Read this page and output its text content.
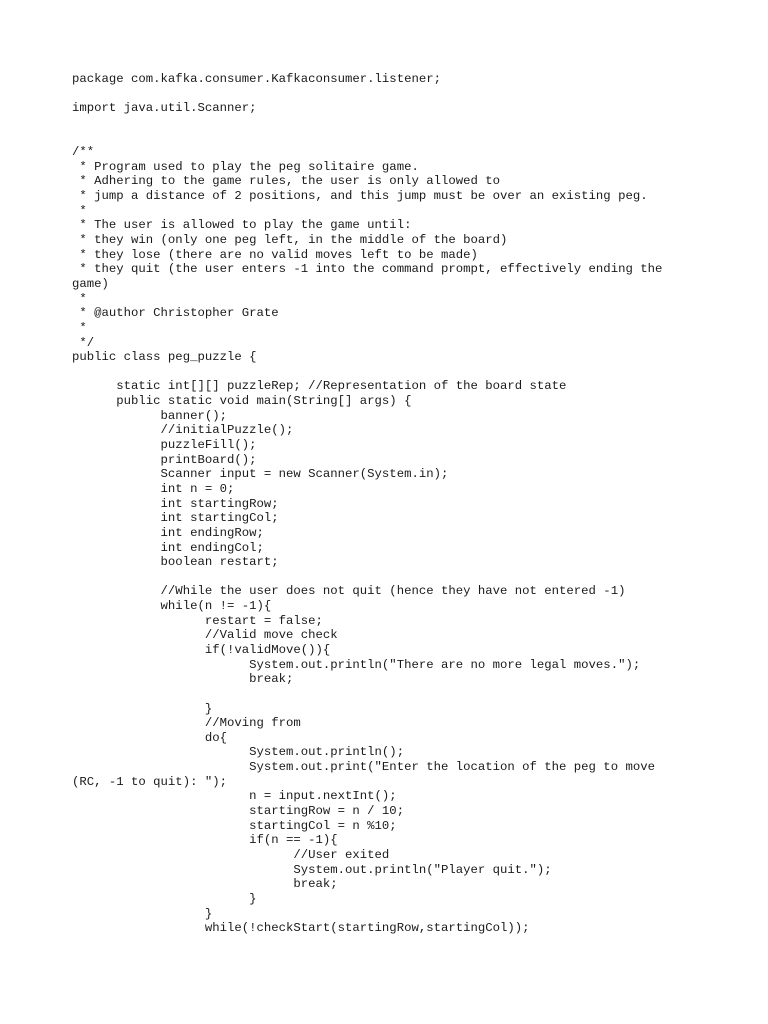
package com.kafka.consumer.Kafkaconsumer.listener;
import java.util.Scanner;
/**
* Program used to play the peg solitaire game.
* Adhering to the game rules, the user is only allowed to
* jump a distance of 2 positions, and this jump must be over an existing peg.
*
* The user is allowed to play the game until:
* they win (only one peg left, in the middle of the board)
* they lose (there are no valid moves left to be made)
* they quit (the user enters -1 into the command prompt, effectively ending the
game)
*
* @author Christopher Grate
*
*/
public class peg_puzzle {
static int[][] puzzleRep; //Representation of the board state
public static void main(String[] args) {
banner();
//initialPuzzle();
puzzleFill();
printBoard();
Scanner input = new Scanner(System.in);
int n = 0;
int startingRow;
int startingCol;
int endingRow;
int endingCol;
boolean restart;
//While the user does not quit (hence they have not entered -1)
while(n != -1){
restart = false;
//Valid move check
if(!validMove()){
System.out.println("There are no more legal moves.");
break;
}
//Moving from
do{
System.out.println();
System.out.print("Enter the location of the peg to move
(RC, -1 to quit): ");
n = input.nextInt();
startingRow = n / 10;
startingCol = n %10;
if(n == -1){
//User exited
System.out.println("Player quit.");
break;
}
}
while(!checkStart(startingRow,startingCol));
